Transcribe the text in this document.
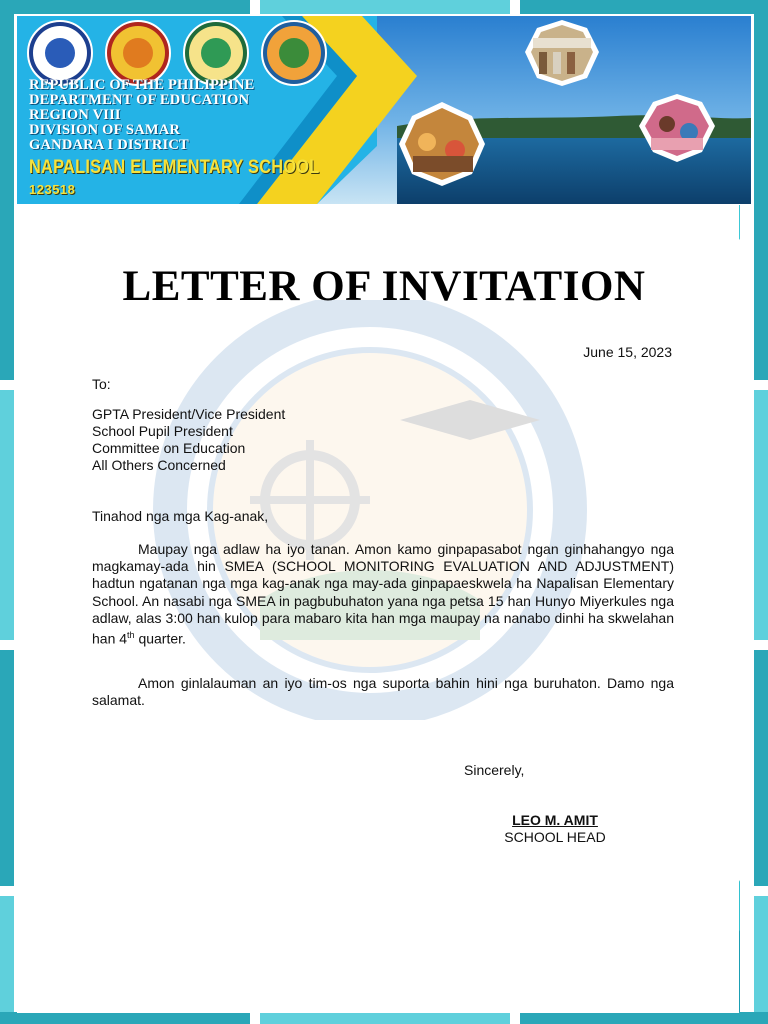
REPUBLIC OF THE PHILIPPINE
DEPARTMENT OF EDUCATION
REGION VIII
DIVISION OF SAMAR
GANDARA I DISTRICT
NAPALISAN ELEMENTARY SCHOOL
123518
LETTER OF INVITATION
June 15, 2023
To:
GPTA President/Vice President
School Pupil President
Committee on Education
All Others Concerned
Tinahod nga mga Kag-anak,
Maupay nga adlaw ha iyo tanan. Amon kamo ginpapasabot ngan ginhahangyo nga magkamay-ada hin SMEA (SCHOOL MONITORING EVALUATION AND ADJUSTMENT) hadtun ngatanan nga mga kag-anak nga may-ada ginpapaeskwela ha Napalisan Elementary School. An nasabi nga SMEA in pagbubuhaton yana nga petsa 15 han Hunyo Miyerkules nga adlaw, alas 3:00 han kulop para mabaro kita han mga maupay na nanabo dinhi ha skwelahan han 4th quarter.
Amon ginlalauman an iyo tim-os nga suporta bahin hini nga buruhaton. Damo nga salamat.
Sincerely,
LEO M. AMIT
SCHOOL HEAD
